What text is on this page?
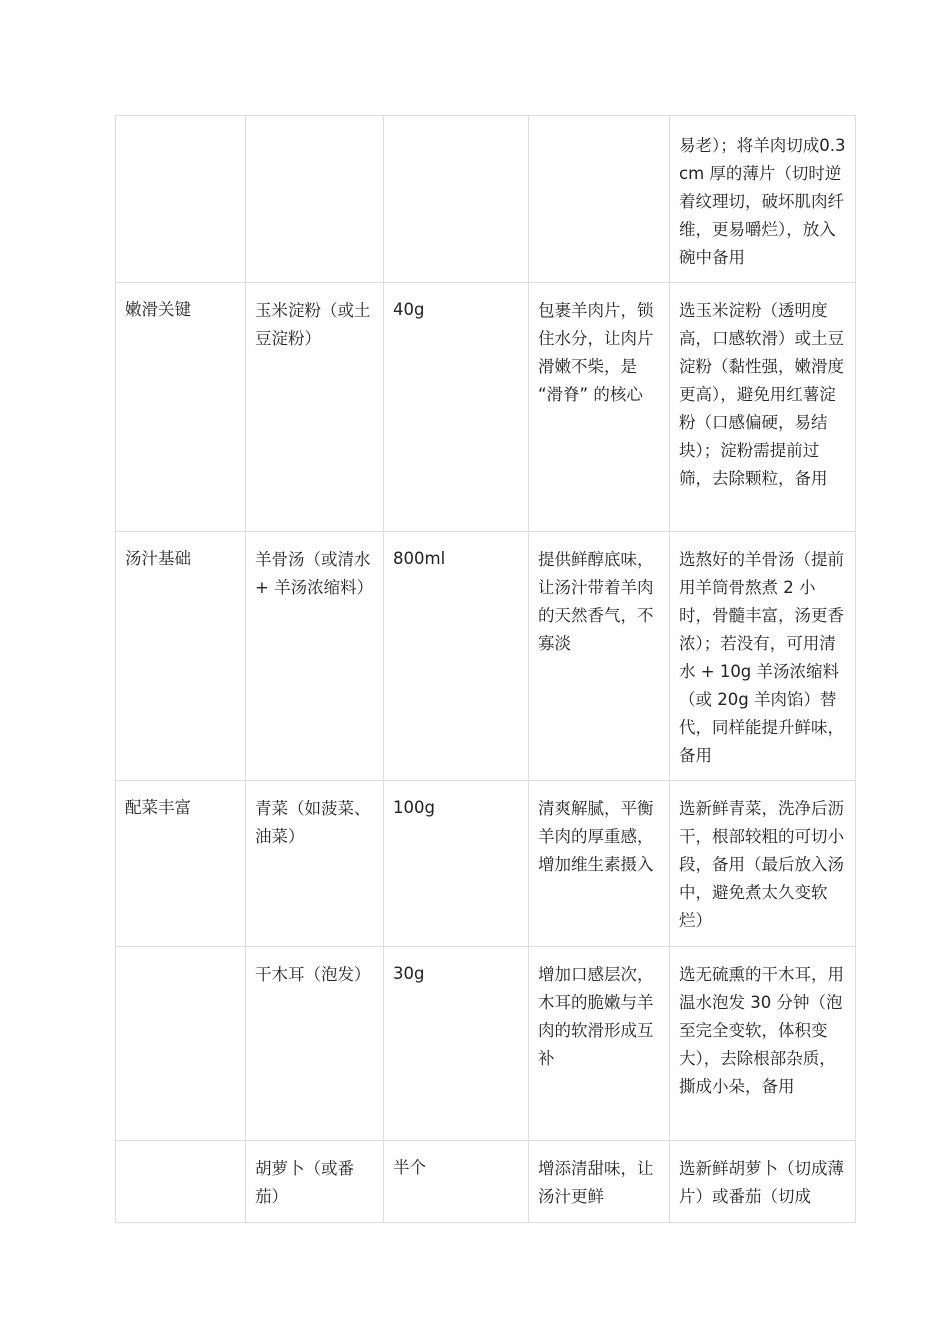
				易老）；将羊肉切成0.3cm 厚的薄片（切时逆着纹理切，破坏肌肉纤维，更易嚼烂），放入碗中备用
嫩滑关键	玉米淀粉（或土豆淀粉）	40g	包裹羊肉片，锁住水分，让肉片滑嫩不柴，是 “滑脊” 的核心	选玉米淀粉（透明度高，口感软滑）或土豆淀粉（黏性强，嫩滑度更高），避免用红薯淀粉（口感偏硬，易结块）；淀粉需提前过筛，去除颗粒，备用
汤汁基础	羊骨汤（或清水 + 羊汤浓缩料）	800ml	提供鲜醇底味，让汤汁带着羊肉的天然香气，不寡淡	选熬好的羊骨汤（提前用羊筒骨熬煮 2 小时，骨髓丰富，汤更香浓）；若没有，可用清水 + 10g 羊汤浓缩料（或 20g 羊肉馅）替代，同样能提升鲜味，备用
配菜丰富	青菜（如菠菜、油菜）	100g	清爽解腻，平衡羊肉的厚重感，增加维生素摄入	选新鲜青菜，洗净后沥干，根部较粗的可切小段，备用（最后放入汤中，避免煮太久变软烂）
	干木耳（泡发）	30g	增加口感层次，木耳的脆嫩与羊肉的软滑形成互补	选无硫熏的干木耳，用温水泡发 30 分钟（泡至完全变软，体积变大），去除根部杂质，撕成小朵，备用
	胡萝卜（或番茄）	半个	增添清甜味，让汤汁更鲜	选新鲜胡萝卜（切成薄片）或番茄（切成
